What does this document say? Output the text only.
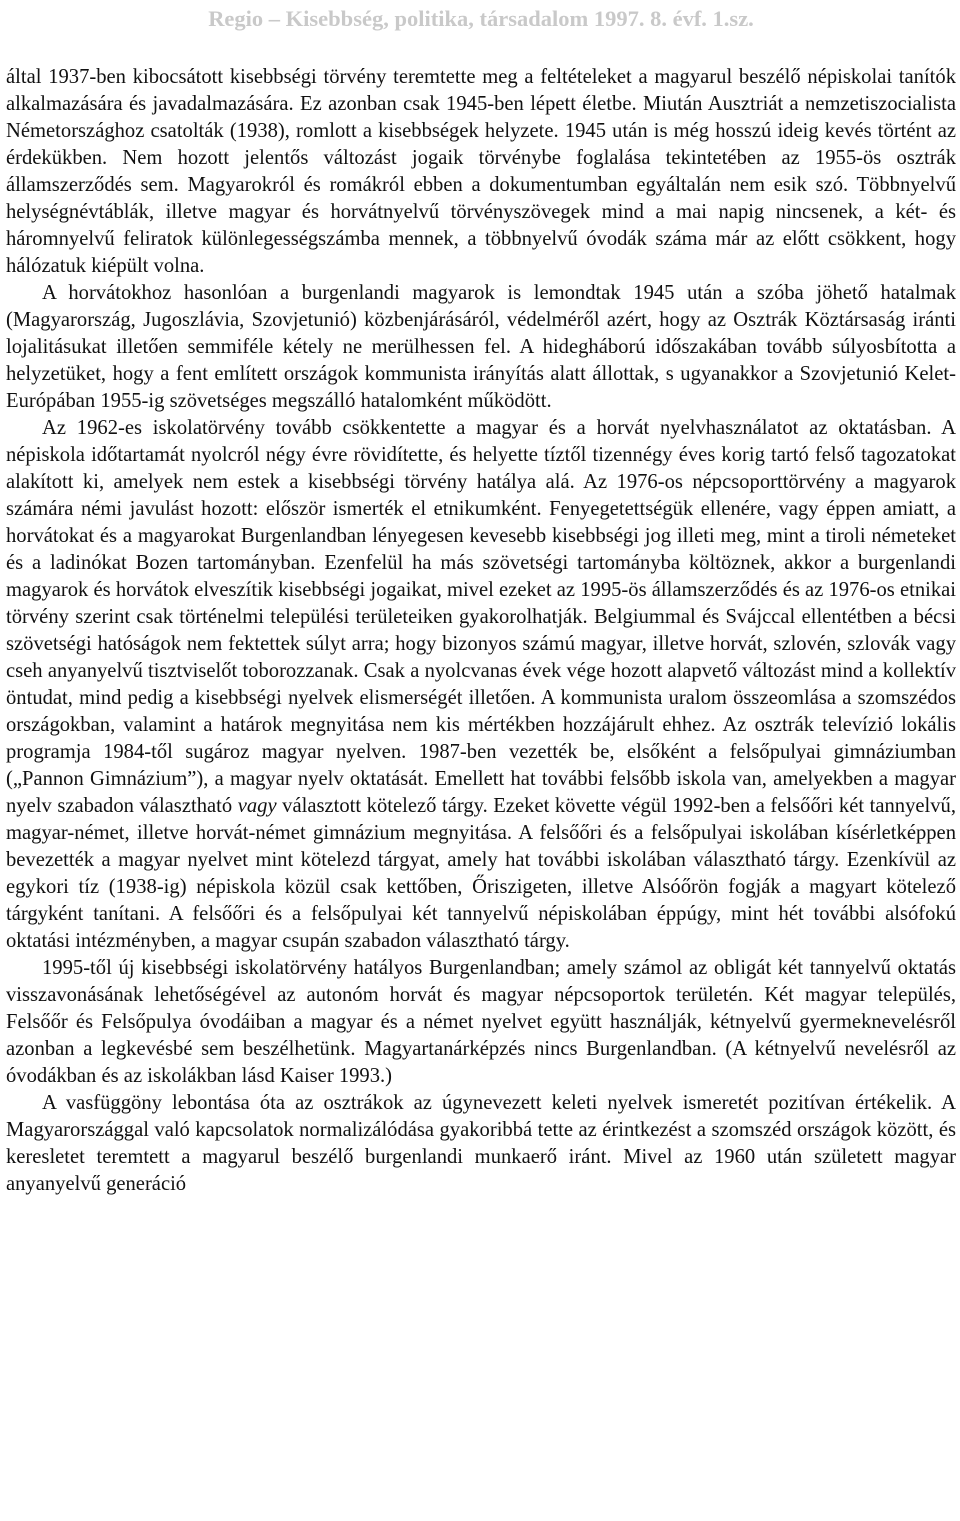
Regio – Kisebbség, politika, társadalom 1997. 8. évf. 1.sz.

által 1937-ben kibocsátott kisebbségi törvény teremtette meg a feltételeket a magyarul beszélő népiskolai tanítók alkalmazására és javadalmazására. Ez azonban csak 1945-ben lépett életbe. Miután Ausztriát a nemzetiszocialista Németországhoz csatolták (1938), romlott a kisebbségek helyzete. 1945 után is még hosszú ideig kevés történt az érdekükben. Nem hozott jelentős változást jogaik törvénybe foglalása tekintetében az 1955-ös osztrák államszerződés sem. Magyarokról és romákról ebben a dokumentumban egyáltalán nem esik szó. Többnyelvű helységnévtáblák, illetve magyar és horvátnyelvű törvényszövegek mind a mai napig nincsenek, a két- és háromnyelvű feliratok különlegességszámba mennek, a többnyelvű óvodák száma már az előtt csökkent, hogy hálózatuk kiépült volna.

A horvátokhoz hasonlóan a burgenlandi magyarok is lemondtak 1945 után a szóba jöhető hatalmak (Magyarország, Jugoszlávia, Szovjetunió) közbenjárásáról, védelméről azért, hogy az Osztrák Köztársaság iránti lojalitásukat illetően semmiféle kétely ne merülhessen fel. A hidegháború időszakában tovább súlyosbította a helyzetüket, hogy a fent említett országok kommunista irányítás alatt állottak, s ugyanakkor a Szovjetunió Kelet-Európában 1955-ig szövetséges megszálló hatalomként működött.

Az 1962-es iskolatörvény tovább csökkentette a magyar és a horvát nyelvhasználatot az oktatásban. A népiskola időtartamát nyolcról négy évre rövidítette, és helyette tíztől tizennégy éves korig tartó felső tagozatokat alakított ki, amelyek nem estek a kisebbségi törvény hatálya alá. Az 1976-os népcsoporttörvény a magyarok számára némi javulást hozott: először ismerték el etnikumként. Fenyegetettségük ellenére, vagy éppen amiatt, a horvátokat és a magyarokat Burgenlandban lényegesen kevesebb kisebbségi jog illeti meg, mint a tiroli németeket és a ladinókat Bozen tartományban. Ezenfelül ha más szövetségi tartományba költöznek, akkor a burgenlandi magyarok és horvátok elveszítik kisebbségi jogaikat, mivel ezeket az 1995-ös államszerződés és az 1976-os etnikai törvény szerint csak történelmi települési területeiken gyakorolhatják. Belgiummal és Svájccal ellentétben a bécsi szövetségi hatóságok nem fektettek súlyt arra; hogy bizonyos számú magyar, illetve horvát, szlovén, szlovák vagy cseh anyanyelvű tisztviselőt toborozzanak. Csak a nyolcvanas évek vége hozott alapvető változást mind a kollektív öntudat, mind pedig a kisebbségi nyelvek elismerségét illetően. A kommunista uralom összeomlása a szomszédos országokban, valamint a határok megnyitása nem kis mértékben hozzájárult ehhez. Az osztrák televízió lokális programja 1984-től sugároz magyar nyelven. 1987-ben vezették be, elsőként a felsőpulyai gimnáziumban („Pannon Gimnázium”), a magyar nyelv oktatását. Emellett hat további felsőbb iskola van, amelyekben a magyar nyelv szabadon választható vagy választott kötelező tárgy. Ezeket követte végül 1992-ben a felsőőri két tannyelvű, magyar-német, illetve horvát-német gimnázium megnyitása. A felsőőri és a felsőpulyai iskolában kísérletképpen bevezették a magyar nyelvet mint kötelezd tárgyat, amely hat további iskolában választható tárgy. Ezenkívül az egykori tíz (1938-ig) népiskola közül csak kettőben, Őriszigeten, illetve Alsóőrön fogják a magyart kötelező tárgyként tanítani. A felsőőri és a felsőpulyai két tannyelvű népiskolában éppúgy, mint hét további alsófokú oktatási intézményben, a magyar csupán szabadon választható tárgy.

1995-től új kisebbségi iskolatörvény hatályos Burgenlandban; amely számol az obligát két tannyelvű oktatás visszavonásának lehetőségével az autonóm horvát és magyar népcsoportok területén. Két magyar település, Felsőőr és Felsőpulya óvodáiban a magyar és a német nyelvet együtt használják, kétnyelvű gyermeknevelésről azonban a legkevésbé sem beszélhetünk. Magyartanárképzés nincs Burgenlandban. (A kétnyelvű nevelésről az óvodákban és az iskolákban lásd Kaiser 1993.)

A vasfüggöny lebontása óta az osztrákok az úgynevezett keleti nyelvek ismeretét pozitívan értékelik. A Magyarországgal való kapcsolatok normalizálódása gyakoribbá tette az érintkezést a szomszéd országok között, és keresletet teremtett a magyarul beszélő burgenlandi munkaerő iránt. Mivel az 1960 után született magyar anyanyelvű generáció
